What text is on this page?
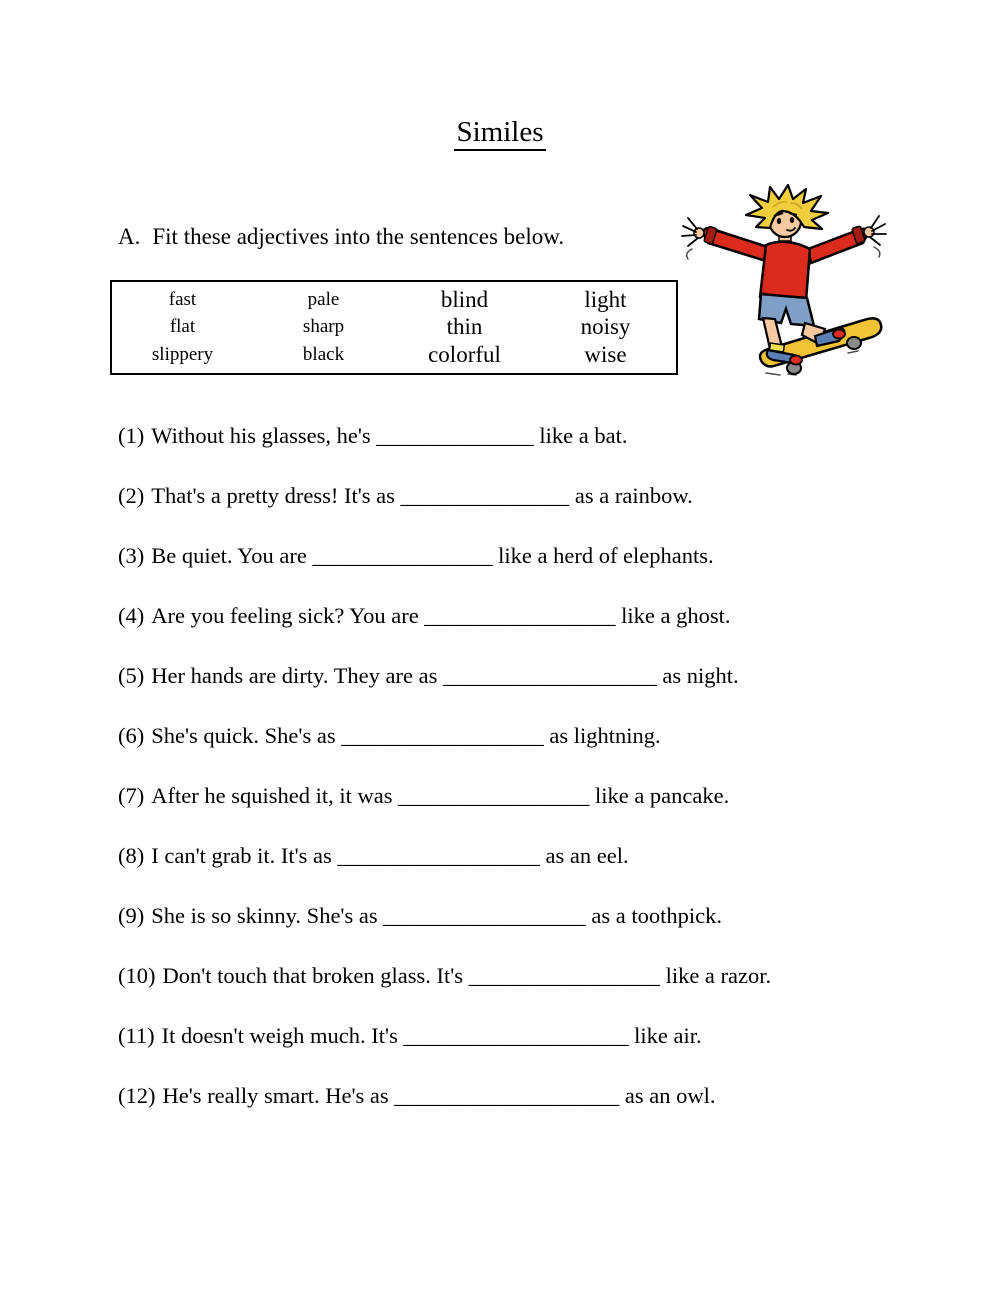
Similes
A. Fit these adjectives into the sentences below.
fast
flat
slippery
pale
sharp
black
blind
thin
colorful
light
noisy
wise
(1) Without his glasses, he's ______________ like a bat.
(2) That's a pretty dress! It's as _______________ as a rainbow.
(3) Be quiet. You are ________________ like a herd of elephants.
(4) Are you feeling sick? You are _________________ like a ghost.
(5) Her hands are dirty. They are as ___________________ as night.
(6) She's quick. She's as __________________ as lightning.
(7) After he squished it, it was _________________ like a pancake.
(8) I can't grab it. It's as __________________ as an eel.
(9) She is so skinny. She's as __________________ as a toothpick.
(10) Don't touch that broken glass. It's _________________ like a razor.
(11) It doesn't weigh much. It's ____________________ like air.
(12) He's really smart. He's as ____________________ as an owl.
